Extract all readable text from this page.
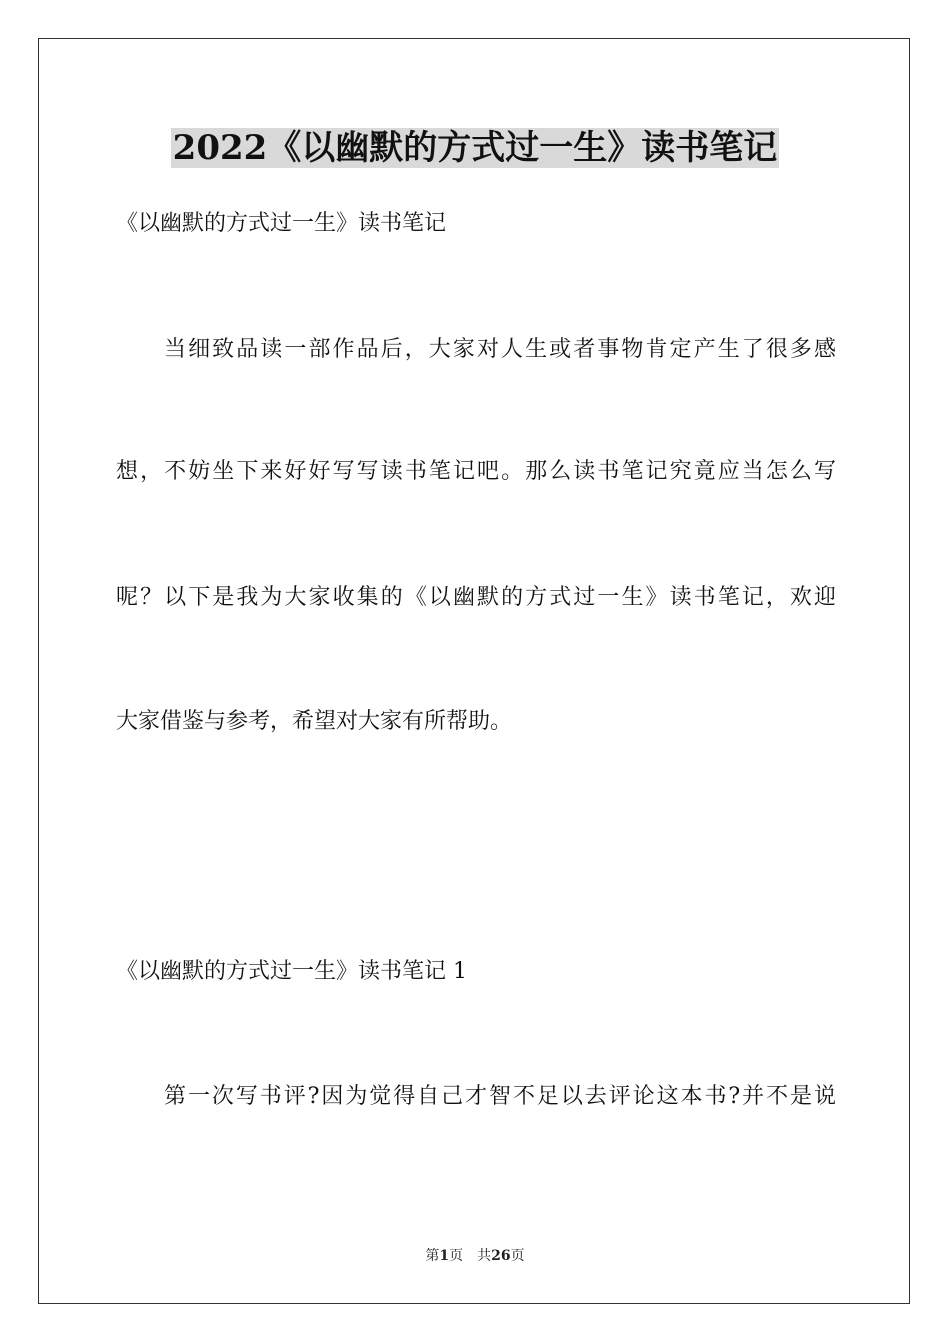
2022《以幽默的方式过一生》读书笔记
《以幽默的方式过一生》读书笔记
当细致品读一部作品后，大家对人生或者事物肯定产生了很多感
想，不妨坐下来好好写写读书笔记吧。那么读书笔记究竟应当怎么写
呢？以下是我为大家收集的《以幽默的方式过一生》读书笔记，欢迎
大家借鉴与参考，希望对大家有所帮助。
《以幽默的方式过一生》读书笔记 1
第一次写书评?因为觉得自己才智不足以去评论这本书?并不是说
第1页 共26页
